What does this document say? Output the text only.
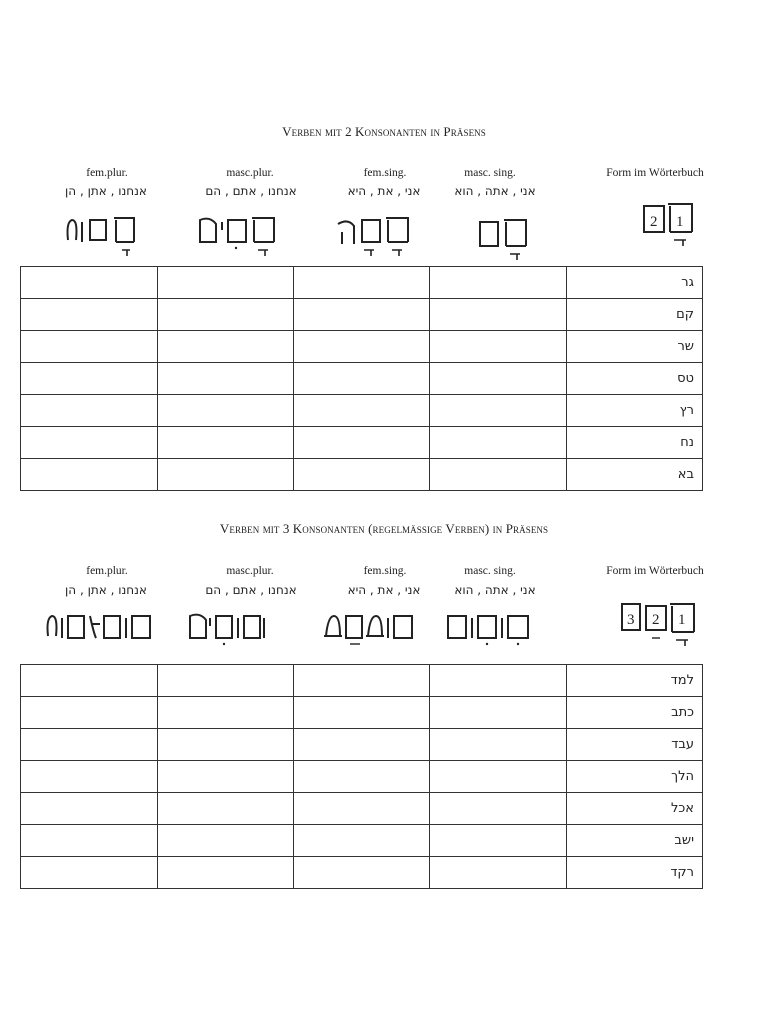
Verben mit 2 Konsonanten in Präsens
fem.plur.
אנחנו , אתן , הן
masc.plur.
אנחנו , אתם , הם
fem.sing.
אני , את , היא
masc. sing.
אני , אתה , הוא
Form im Wörterbuch
2 1
				גר
				קם
				שר
				טס
				רץ
				נח
				בא
Verben mit 3 Konsonanten (regelmässige Verben) in Präsens
fem.plur.
אנחנו , אתן , הן
masc.plur.
אנחנו , אתם , הם
fem.sing.
אני , את , היא
masc. sing.
אני , אתה , הוא
Form im Wörterbuch
3 2 1
				למד
				כתב
				עבד
				הלך
				אכל
				ישב
				רקד
